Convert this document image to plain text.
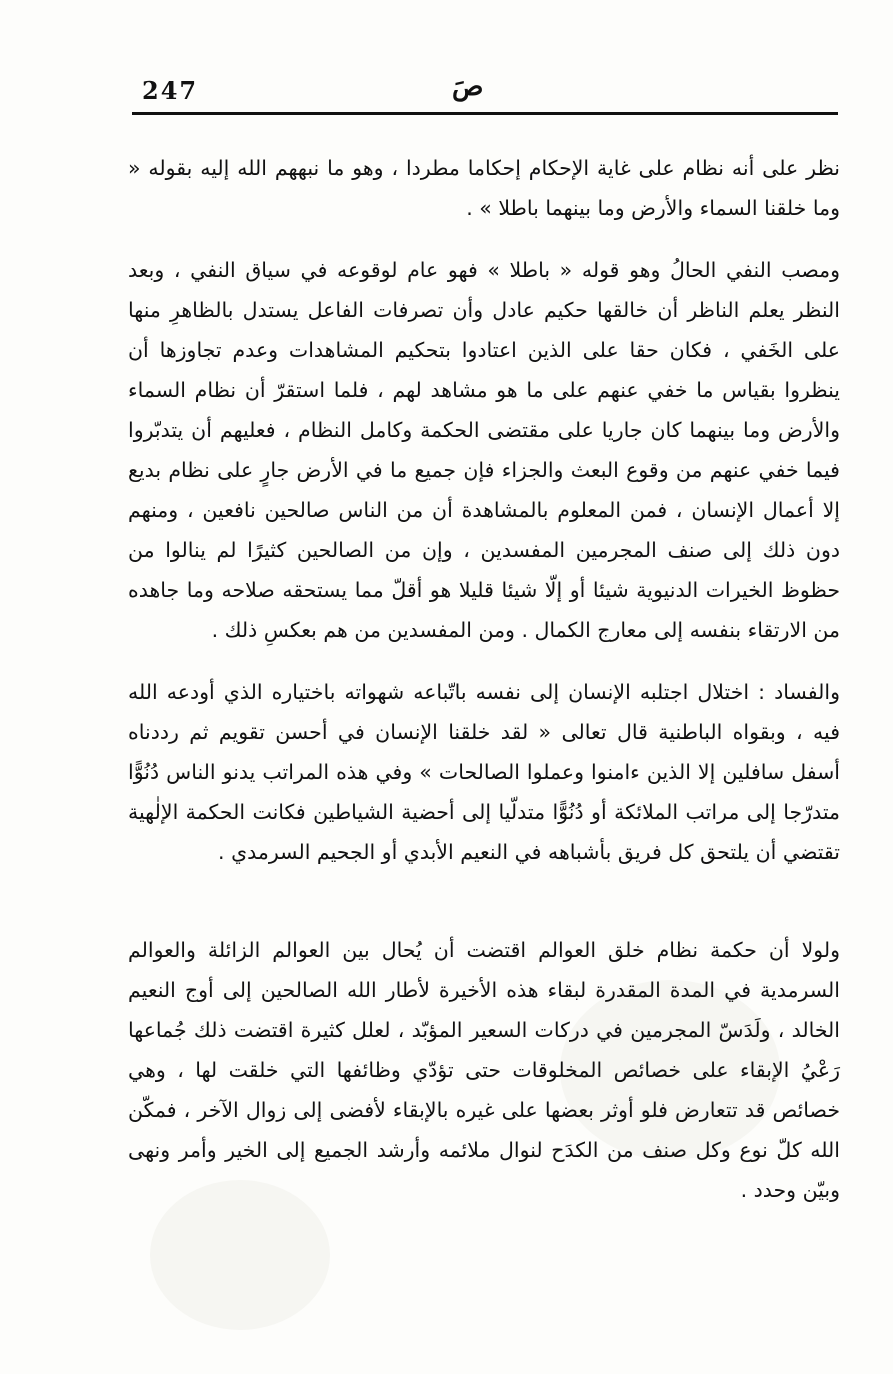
247	صَ

نظر على أنه نظام على غاية الإحكام إحكاما مطردا ، وهو ما نبههم الله إليه بقوله « وما خلقنا السماء والأرض وما بينهما باطلا » .

ومصب النفي الحالُ وهو قوله « باطلا » فهو عام لوقوعه في سياق النفي ، وبعد النظر يعلم الناظر أن خالقها حكيم عادل وأن تصرفات الفاعل يستدل بالظاهرِ منها على الخَفي ، فكان حقا على الذين اعتادوا بتحكيم المشاهدات وعدم تجاوزها أن ينظروا بقياس ما خفي عنهم على ما هو مشاهد لهم ، فلما استقرّ أن نظام السماء والأرض وما بينهما كان جاريا على مقتضى الحكمة وكامل النظام ، فعليهم أن يتدبّروا فيما خفي عنهم من وقوع البعث والجزاء فإن جميع ما في الأرض جارٍ على نظام بديع إلا أعمال الإنسان ، فمن المعلوم بالمشاهدة أن من الناس صالحين نافعين ، ومنهم دون ذلك إلى صنف المجرمين المفسدين ، وإن من الصالحين كثيرًا لم ينالوا من حظوظ الخيرات الدنيوية شيئا أو إلّا شيئا قليلا هو أقلّ مما يستحقه صلاحه وما جاهده من الارتقاء بنفسه إلى معارج الكمال . ومن المفسدين من هم بعكسِ ذلك .

والفساد : اختلال اجتلبه الإنسان إلى نفسه باتّباعه شهواته باختياره الذي أودعه الله فيه ، وبقواه الباطنية قال تعالى « لقد خلقنا الإنسان في أحسن تقويم ثم رددناه أسفل سافلين إلا الذين ءامنوا وعملوا الصالحات » وفي هذه المراتب يدنو الناس دُنُوًّا متدرّجا إلى مراتب الملائكة أو دُنُوًّا متدلّيا إلى أحضية الشياطين فكانت الحكمة الإلٰهية تقتضي أن يلتحق كل فريق بأشباهه في النعيم الأبدي أو الجحيم السرمدي .

ولولا أن حكمة نظام خلق العوالم اقتضت أن يُحال بين العوالم الزائلة والعوالم السرمدية في المدة المقدرة لبقاء هذه الأخيرة لأطار الله الصالحين إلى أوج النعيم الخالد ، ولَدَسّ المجرمين في دركات السعير المؤبّد ، لعلل كثيرة اقتضت ذلك جُماعها رَعْيُ الإبقاء على خصائص المخلوقات حتى تؤدّي وظائفها التي خلقت لها ، وهي خصائص قد تتعارض فلو أوثر بعضها على غيره بالإبقاء لأفضى إلى زوال الآخر ، فمكّن الله كلّ نوع وكل صنف من الكدَح لنوال ملائمه وأرشد الجميع إلى الخير وأمر ونهى وبيّن وحدد .
